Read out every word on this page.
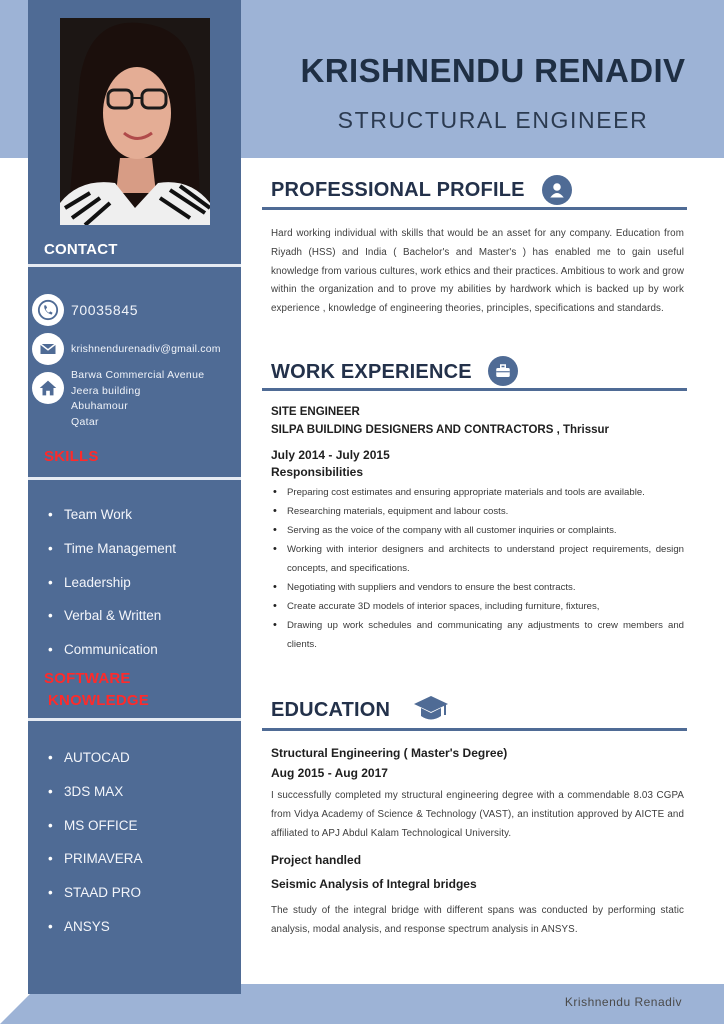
CONTACT
70035845
krishnendurenadiv@gmail.com
Barwa Commercial Avenue
Jeera building
Abuhamour
Qatar
SKILLS
• Team Work
• Time Management
• Leadership
• Verbal & Written
• Communication
SOFTWARE
KNOWLEDGE
• AUTOCAD
• 3DS MAX
• MS OFFICE
• PRIMAVERA
• STAAD PRO
• ANSYS
KRISHNENDU RENADIV
STRUCTURAL ENGINEER
PROFESSIONAL PROFILE
Hard working individual with skills that would be an asset for any company. Education from Riyadh (HSS) and India ( Bachelor's and Master's ) has enabled me to gain useful knowledge from various cultures, work ethics and their practices. Ambitious to work and grow within the organization and to prove my abilities by hardwork which is backed up by work experience , knowledge of engineering theories, principles, specifications and standards.
WORK EXPERIENCE
SITE ENGINEER
SILPA BUILDING DESIGNERS AND CONTRACTORS , Thrissur
July 2014 - July 2015
Responsibilities
• Preparing cost estimates and ensuring appropriate materials and tools are available.
• Researching materials, equipment and labour costs.
• Serving as the voice of the company with all customer inquiries or complaints.
• Working with interior designers and architects to understand project requirements, design concepts, and specifications.
• Negotiating with suppliers and vendors to ensure the best contracts.
• Create accurate 3D models of interior spaces, including furniture, fixtures,
• Drawing up work schedules and communicating any adjustments to crew members and clients.
EDUCATION
Structural Engineering ( Master's Degree)
Aug 2015 - Aug 2017
I successfully completed my structural engineering degree with a commendable 8.03 CGPA from Vidya Academy of Science & Technology (VAST), an institution approved by AICTE and affiliated to APJ Abdul Kalam Technological University.
Project handled
Seismic Analysis of Integral bridges
The study of the integral bridge with different spans was conducted by performing static analysis, modal analysis, and response spectrum analysis in ANSYS.
Krishnendu Renadiv
